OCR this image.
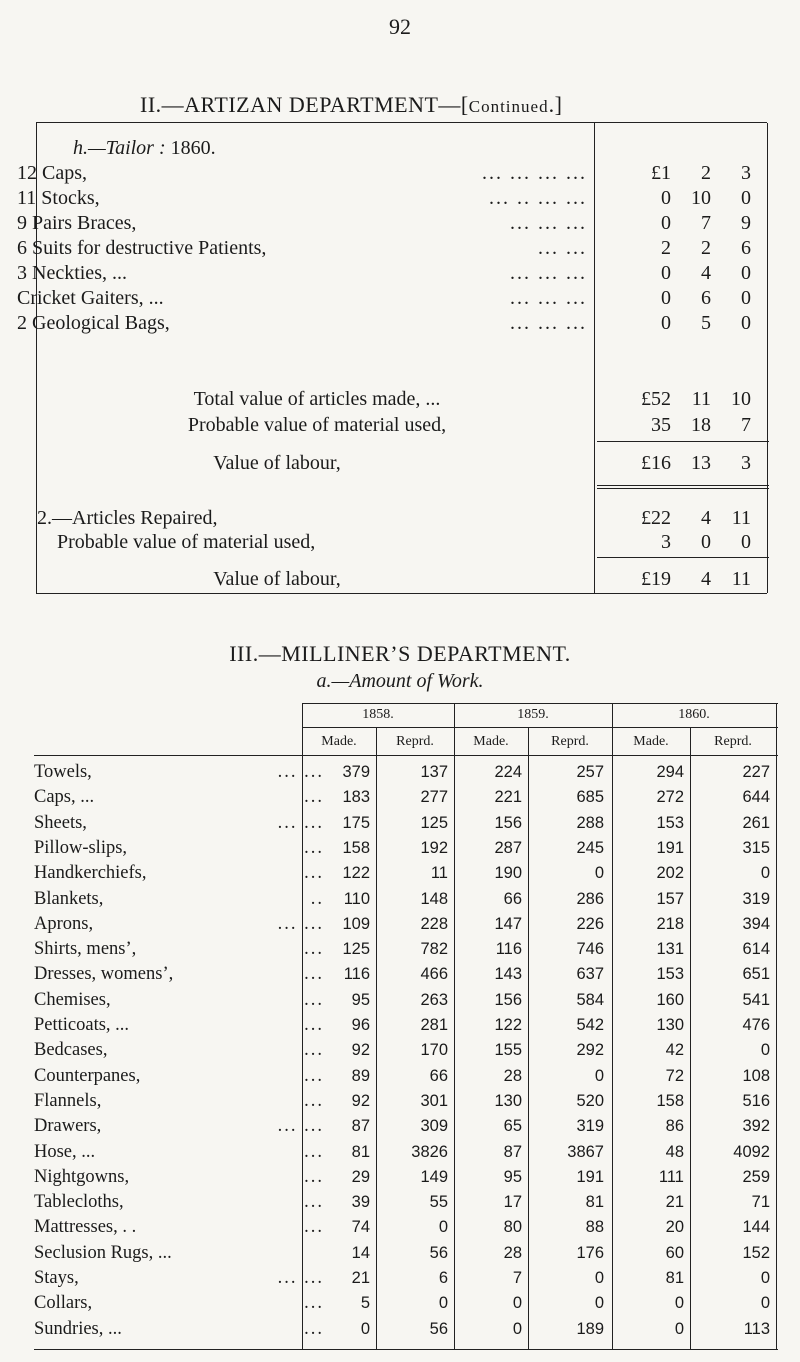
92
II.—ARTIZAN DEPARTMENT—[Continued.]
h.—Tailor : 1860.
12 Caps,	... ... ... ...	£1	2	3
11 Stocks,	... .. ... ...	0	10	0
9 Pairs Braces,	... ... ...	0	7	9
6 Suits for destructive Patients,	... ...	2	2	6
3 Neckties, ...	... ... ...	0	4	0
Cricket Gaiters, ...	... ... ...	0	6	0
2 Geological Bags,	... ... ...	0	5	0
Total value of articles made, ...	£52	11	10
Probable value of material used,	35	18	7
Value of labour,	£16	13	3
2.—Articles Repaired,	£22	4	11
Probable value of material used,	3	0	0
Value of labour,	£19	4	11
III.—MILLINER’S DEPARTMENT.
a.—Amount of Work.
1858.	1859.	1860.
Made.	Reprd.	Made.	Reprd.	Made.	Reprd.
Towels,	... ...	379	137	224	257	294	227
Caps, ...	...	183	277	221	685	272	644
Sheets,	... ...	175	125	156	288	153	261
Pillow-slips,	...	158	192	287	245	191	315
Handkerchiefs,	...	122	11	190	0	202	0
Blankets,	..	110	148	66	286	157	319
Aprons,	... ...	109	228	147	226	218	394
Shirts, mens’,	...	125	782	116	746	131	614
Dresses, womens’,	...	116	466	143	637	153	651
Chemises,	...	95	263	156	584	160	541
Petticoats, ...	...	96	281	122	542	130	476
Bedcases,	...	92	170	155	292	42	0
Counterpanes,	...	89	66	28	0	72	108
Flannels,	...	92	301	130	520	158	516
Drawers,	... ...	87	309	65	319	86	392
Hose, ...	...	81	3826	87	3867	48	4092
Nightgowns,	...	29	149	95	191	111	259
Tablecloths,	...	39	55	17	81	21	71
Mattresses, . .	...	74	0	80	88	20	144
Seclusion Rugs, ...	14	56	28	176	60	152
Stays,	... ...	21	6	7	0	81	0
Collars,	...	5	0	0	0	0	0
Sundries, ...	...	0	56	0	189	0	113
